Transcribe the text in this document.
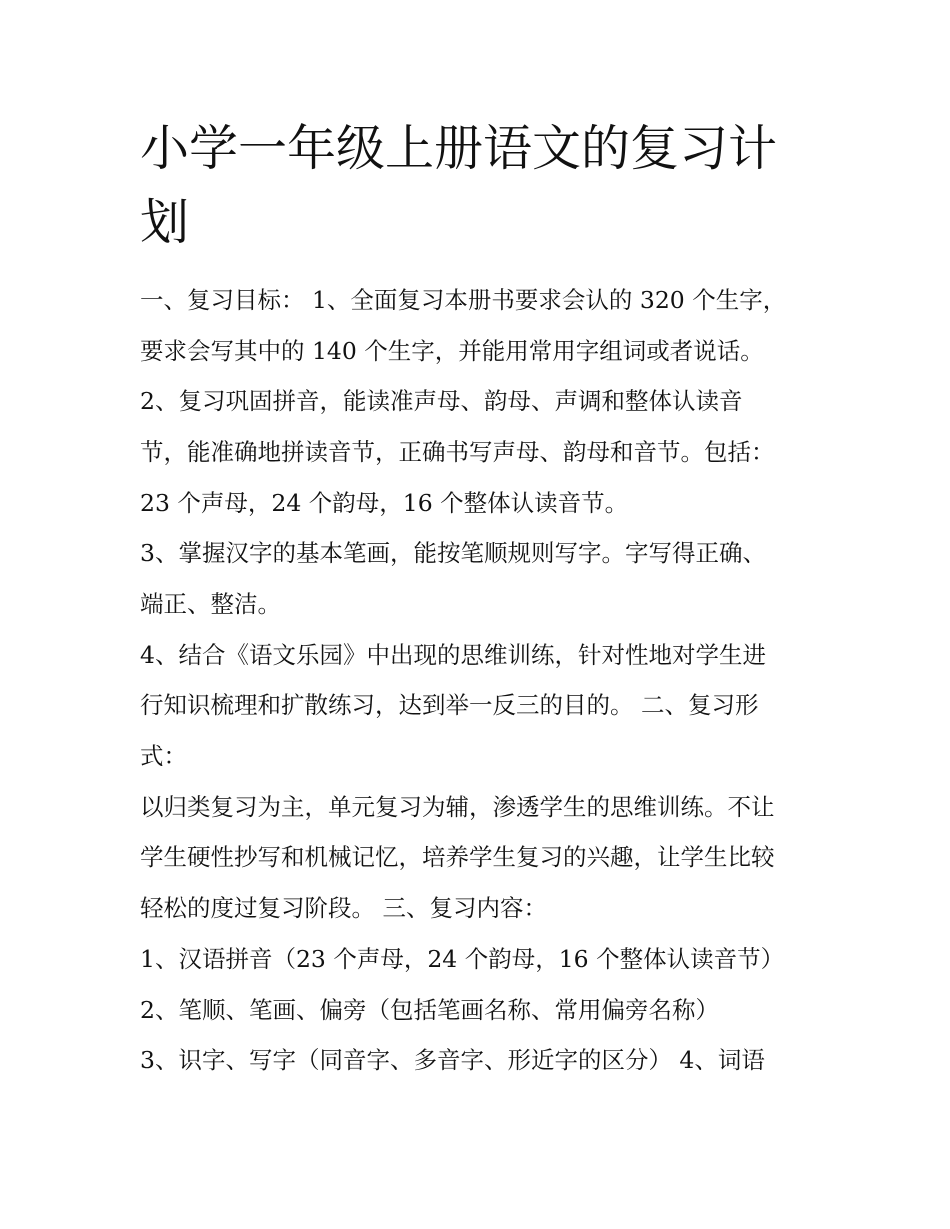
小学一年级上册语文的复习计划

一、复习目标： 1、全面复习本册书要求会认的 320 个生字，

要求会写其中的 140 个生字，并能用常用字组词或者说话。

2、复习巩固拼音，能读准声母、韵母、声调和整体认读音

节，能准确地拼读音节，正确书写声母、韵母和音节。包括：

23 个声母，24 个韵母，16 个整体认读音节。

3、掌握汉字的基本笔画，能按笔顺规则写字。字写得正确、

端正、整洁。

4、结合《语文乐园》中出现的思维训练，针对性地对学生进

行知识梳理和扩散练习，达到举一反三的目的。 二、复习形

式：

以归类复习为主，单元复习为辅，渗透学生的思维训练。不让

学生硬性抄写和机械记忆，培养学生复习的兴趣，让学生比较

轻松的度过复习阶段。 三、复习内容：

1、汉语拼音（23 个声母，24 个韵母，16 个整体认读音节）

2、笔顺、笔画、偏旁（包括笔画名称、常用偏旁名称）

3、识字、写字（同音字、多音字、形近字的区分） 4、词语
